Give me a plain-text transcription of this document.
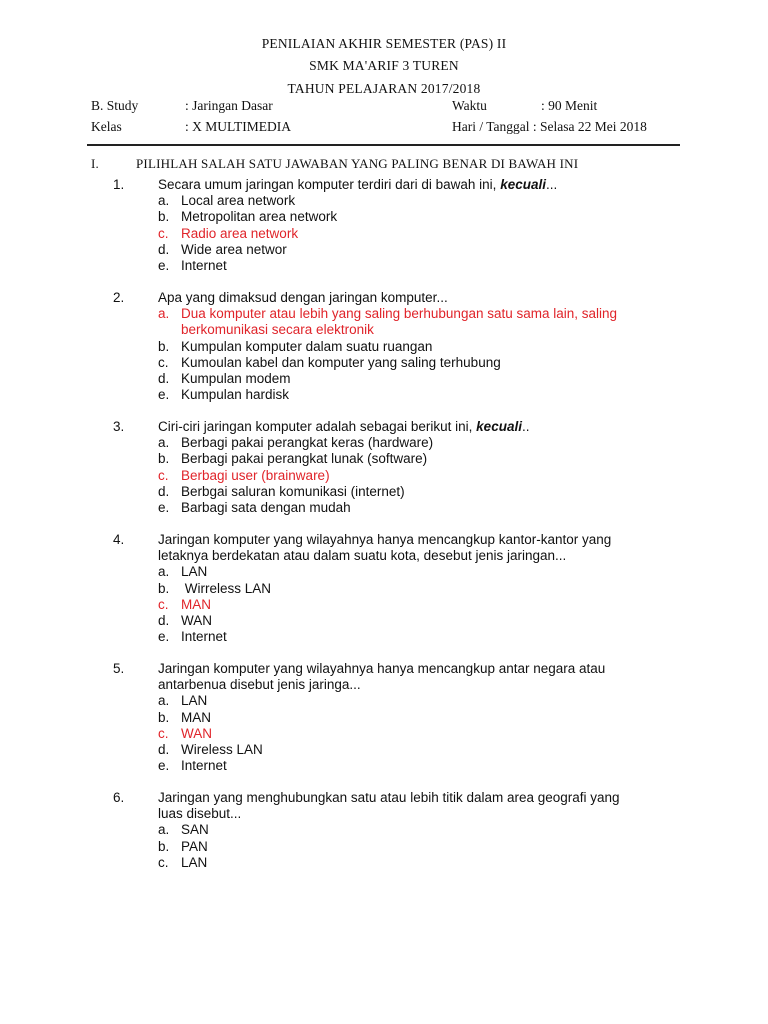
PENILAIAN AKHIR SEMESTER (PAS) II
SMK MA'ARIF 3 TUREN
TAHUN PELAJARAN 2017/2018
B. Study	: Jaringan Dasar	Waktu	: 90 Menit
Kelas	: X MULTIMEDIA	Hari / Tanggal : Selasa 22 Mei 2018
I.	PILIHLAH SALAH SATU JAWABAN YANG PALING BENAR DI BAWAH INI
1. Secara umum jaringan komputer terdiri dari di bawah ini, kecuali...
a. Local area network
b. Metropolitan area network
c. Radio area network
d. Wide area networ
e. Internet
2. Apa yang dimaksud dengan jaringan komputer...
a. Dua komputer atau lebih yang saling berhubungan satu sama lain, saling
berkomunikasi secara elektronik
b. Kumpulan komputer dalam suatu ruangan
c. Kumoulan kabel dan komputer yang saling terhubung
d. Kumpulan modem
e. Kumpulan hardisk
3. Ciri-ciri jaringan komputer adalah sebagai berikut ini, kecuali..
a. Berbagi pakai perangkat keras (hardware)
b. Berbagi pakai perangkat lunak (software)
c. Berbagi user (brainware)
d. Berbgai saluran komunikasi (internet)
e. Barbagi sata dengan mudah
4. Jaringan komputer yang wilayahnya hanya mencangkup kantor-kantor yang
letaknya berdekatan atau dalam suatu kota, desebut jenis jaringan...
a. LAN
b. Wirreless LAN
c. MAN
d. WAN
e. Internet
5. Jaringan komputer yang wilayahnya hanya mencangkup antar negara atau
antarbenua disebut jenis jaringa...
a. LAN
b. MAN
c. WAN
d. Wireless LAN
e. Internet
6. Jaringan yang menghubungkan satu atau lebih titik dalam area geografi yang
luas disebut...
a. SAN
b. PAN
c. LAN
